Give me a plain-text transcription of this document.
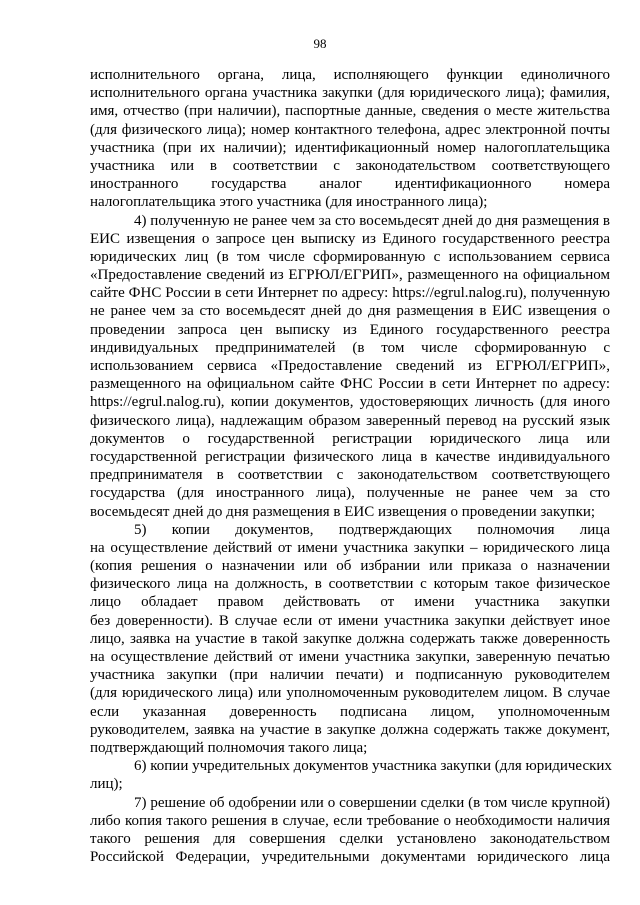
98
исполнительного органа, лица, исполняющего функции единоличного
исполнительного органа участника закупки (для юридического лица); фамилия,
имя, отчество (при наличии), паспортные данные, сведения о месте жительства
(для физического лица); номер контактного телефона, адрес электронной почты
участника (при их наличии); идентификационный номер налогоплательщика
участника или в соответствии с законодательством соответствующего
иностранного государства аналог идентификационного номера
налогоплательщика этого участника (для иностранного лица);
4) полученную не ранее чем за сто восемьдесят дней до дня размещения в
ЕИС извещения о запросе цен выписку из Единого государственного реестра
юридических лиц (в том числе сформированную с использованием сервиса
«Предоставление сведений из ЕГРЮЛ/ЕГРИП», размещенного на официальном
сайте ФНС России в сети Интернет по адресу: https://egrul.nalog.ru), полученную
не ранее чем за сто восемьдесят дней до дня размещения в ЕИС извещения о
проведении запроса цен выписку из Единого государственного реестра
индивидуальных предпринимателей (в том числе сформированную с
использованием сервиса «Предоставление сведений из ЕГРЮЛ/ЕГРИП»,
размещенного на официальном сайте ФНС России в сети Интернет по адресу:
https://egrul.nalog.ru), копии документов, удостоверяющих личность (для иного
физического лица), надлежащим образом заверенный перевод на русский язык
документов о государственной регистрации юридического лица или
государственной регистрации физического лица в качестве индивидуального
предпринимателя в соответствии с законодательством соответствующего
государства (для иностранного лица), полученные не ранее чем за сто
восемьдесят дней до дня размещения в ЕИС извещения о проведении закупки;
5) копии документов, подтверждающих полномочия лица
на осуществление действий от имени участника закупки – юридического лица
(копия решения о назначении или об избрании или приказа о назначении
физического лица на должность, в соответствии с которым такое физическое
лицо обладает правом действовать от имени участника закупки
без доверенности). В случае если от имени участника закупки действует иное
лицо, заявка на участие в такой закупке должна содержать также доверенность
на осуществление действий от имени участника закупки, заверенную печатью
участника закупки (при наличии печати) и подписанную руководителем
(для юридического лица) или уполномоченным руководителем лицом. В случае
если указанная доверенность подписана лицом, уполномоченным
руководителем, заявка на участие в закупке должна содержать также документ,
подтверждающий полномочия такого лица;
6) копии учредительных документов участника закупки (для юридических
лиц);
7) решение об одобрении или о совершении сделки (в том числе крупной)
либо копия такого решения в случае, если требование о необходимости наличия
такого решения для совершения сделки установлено законодательством
Российской Федерации, учредительными документами юридического лица
